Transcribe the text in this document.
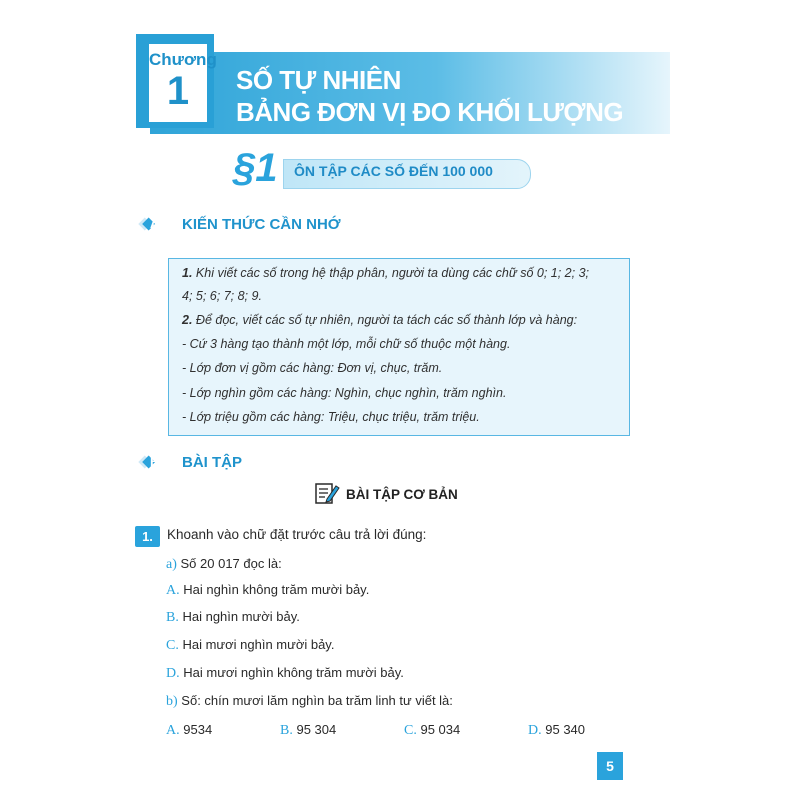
Chương
1	SỐ TỰ NHIÊN
BẢNG ĐƠN VỊ ĐO KHỐI LƯỢNG
§1 ÔN TẬP CÁC SỐ ĐẾN 100 000
A KIẾN THỨC CẦN NHỚ
1. Khi viết các số trong hệ thập phân, người ta dùng các chữ số 0; 1; 2; 3;
4; 5; 6; 7; 8; 9.
2. Để đọc, viết các số tự nhiên, người ta tách các số thành lớp và hàng:
- Cứ 3 hàng tạo thành một lớp, mỗi chữ số thuộc một hàng.
- Lớp đơn vị gồm các hàng: Đơn vị, chục, trăm.
- Lớp nghìn gồm các hàng: Nghìn, chục nghìn, trăm nghìn.
- Lớp triệu gồm các hàng: Triệu, chục triệu, trăm triệu.
B BÀI TẬP
BÀI TẬP CƠ BẢN
1.	Khoanh vào chữ đặt trước câu trả lời đúng:
a) Số 20 017 đọc là:
A. Hai nghìn không trăm mười bảy.
B. Hai nghìn mười bảy.
C. Hai mươi nghìn mười bảy.
D. Hai mươi nghìn không trăm mười bảy.
b) Số: chín mươi lăm nghìn ba trăm linh tư viết là:
A. 9534	B. 95 304	C. 95 034	D. 95 340
5
